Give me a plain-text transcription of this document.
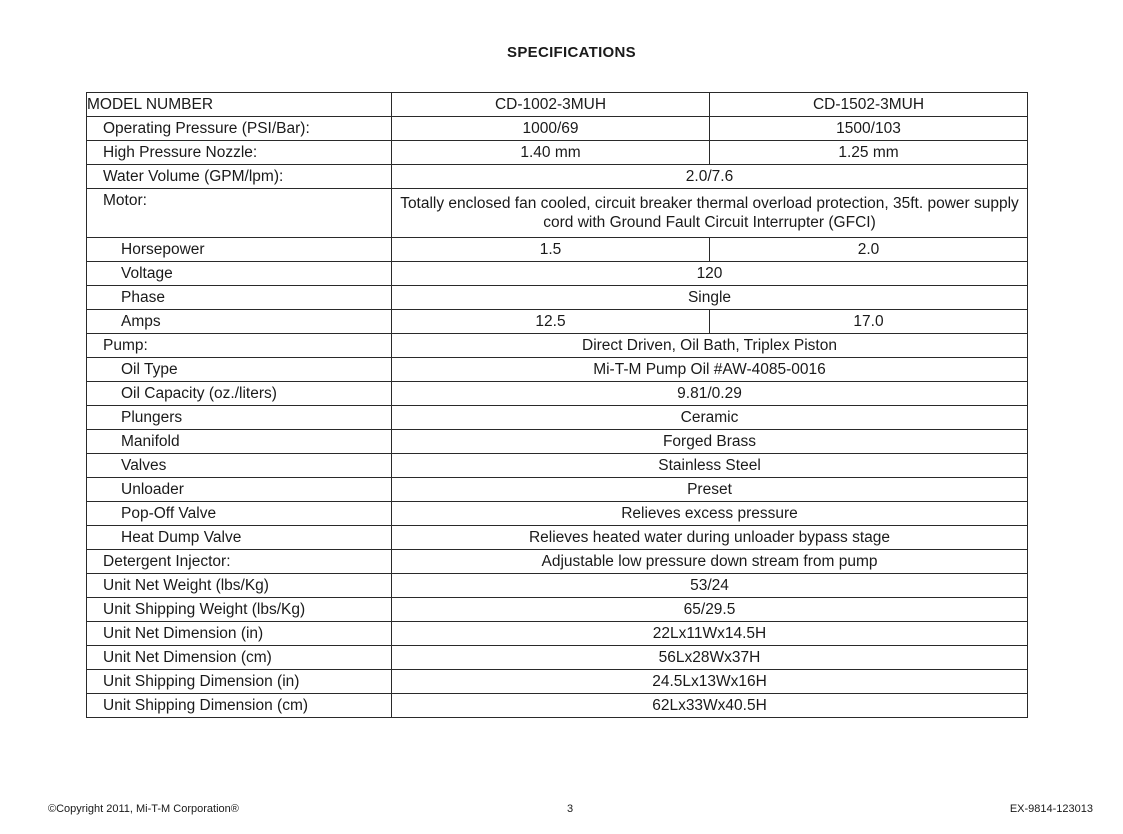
SPECIFICATIONS
MODEL NUMBER	CD-1002-3MUH	CD-1502-3MUH
Operating Pressure (PSI/Bar):	1000/69	1500/103
High Pressure Nozzle:	1.40 mm	1.25 mm
Water Volume (GPM/lpm):	2.0/7.6	
Motor:	Totally enclosed fan cooled, circuit breaker thermal overload protection, 35ft. power supply cord with Ground Fault Circuit Interrupter (GFCI)	
Horsepower	1.5	2.0
Voltage	120	
Phase	Single	
Amps	12.5	17.0
Pump:	Direct Driven, Oil Bath, Triplex Piston	
Oil Type	Mi-T-M Pump Oil #AW-4085-0016	
Oil Capacity (oz./liters)	9.81/0.29	
Plungers	Ceramic	
Manifold	Forged Brass	
Valves	Stainless Steel	
Unloader	Preset	
Pop-Off Valve	Relieves excess pressure	
Heat Dump Valve	Relieves heated water during unloader bypass stage	
Detergent Injector:	Adjustable low pressure down stream from pump	
Unit Net Weight (lbs/Kg)	53/24	
Unit Shipping Weight (lbs/Kg)	65/29.5	
Unit Net Dimension (in)	22Lx11Wx14.5H	
Unit Net Dimension (cm)	56Lx28Wx37H	
Unit Shipping Dimension (in)	24.5Lx13Wx16H	
Unit Shipping Dimension (cm)	62Lx33Wx40.5H	
©Copyright 2011, Mi-T-M Corporation®	3	EX-9814-123013
